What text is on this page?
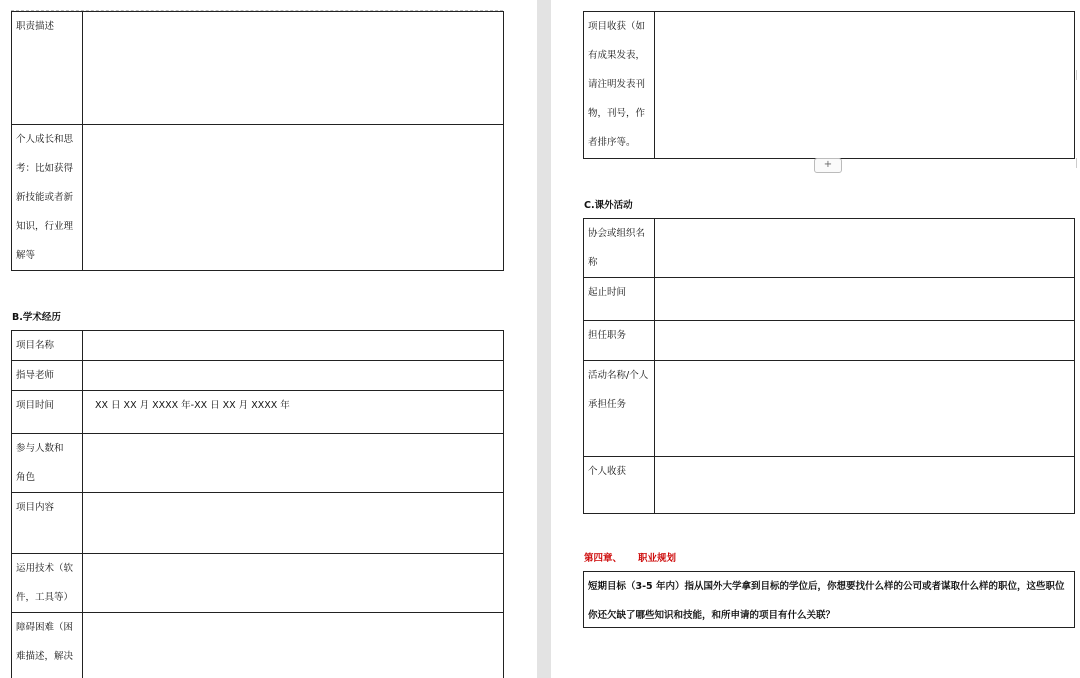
职责描述	

个人成长和思考：比如获得新技能或者新知识，行业理解等	

B.学术经历
项目名称	

指导老师	

项目时间	XX 日 XX 月 XXXX 年-XX 日 XX 月 XXXX 年

参与人数和角色	

项目内容	

运用技术（软件，工具等）	

障碍困难（困难描述，解决	

项目收获（如有成果发表，请注明发表刊物，刊号，作者排序等。

+
C.课外活动
协会或组织名称	

起止时间	

担任职务	

活动名称/个人承担任务	

个人收获	

第四章、 职业规划
短期目标（3-5 年内）指从国外大学拿到目标的学位后，你想要找什么样的公司或者谋取什么样的职位，这些职位你还欠缺了哪些知识和技能，和所申请的项目有什么关联？
